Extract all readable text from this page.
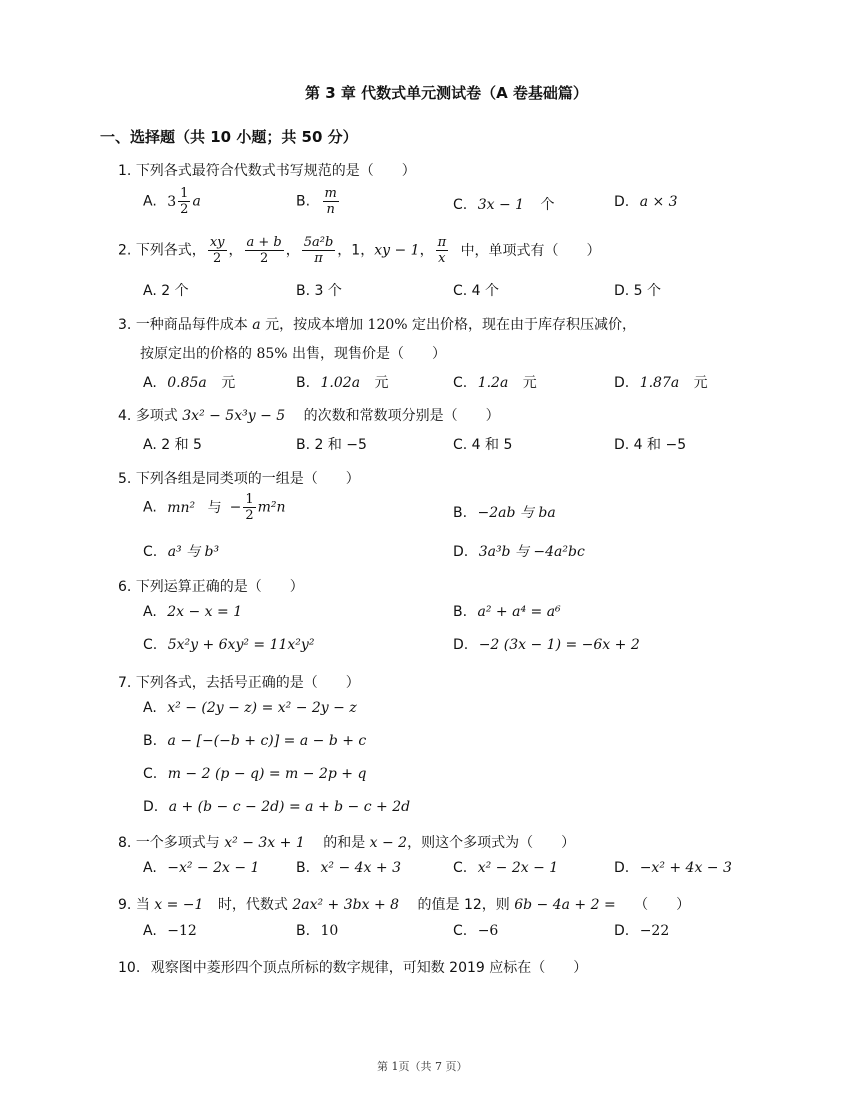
第 3 章 代数式单元测试卷（A 卷基础篇）
一、选择题（共 10 小题；共 50 分）
1. 下列各式最符合代数式书写规范的是（　　）
A. $3 \frac{1}{2}$ a	B. $\frac{m}{n}$	C. 3x − 1 个	D. a × 3
2. 下列各式， $\frac{xy}{2}$ ， $\frac{a + b}{2}$ ， $\frac{\text{5a²b}}{\pi}$ ，1，xy − 1， $\frac{\pi}{x}$ 中，单项式有（　　）
A. 2 个	B. 3 个	C. 4 个	D. 5 个
3. 一种商品每件成本 a 元，按成本增加 120% 定出价格，现在由于库存积压减价，
按原定出的价格的 85% 出售，现售价是（　　）
A. 0.85a 元	B. 1.02a 元	C. 1.2a 元	D. 1.87a 元
4. 多项式 3x² − 5x³y − 5 的次数和常数项分别是（　　）
A. 2 和 5	B. 2 和 −5	C. 4 和 5	D. 4 和 −5
5. 下列各组是同类项的一组是（　　）
A. mn² 与 − $\frac{1}{2} m^2n$	B. −2ab 与 ba
C. a³ 与 b³	D. 3a³b 与 −4a²bc
6. 下列运算正确的是（　　）
A. 2x − x = 1	B. a² + a⁴ = a⁶
C. 5x²y + 6xy² = 11x²y²	D. −2 (3x − 1) = −6x + 2
7. 下列各式，去括号正确的是（　　）
A. x² − (2y − z) = x² − 2y − z
B. a − [−(−b + c)] = a − b + c
C. m − 2 (p − q) = m − 2p + q
D. a + (b − c − 2d) = a + b − c + 2d
8. 一个多项式与 x² − 3x + 1 的和是 x − 2，则这个多项式为（　　）
A. −x² − 2x − 1	B. x² − 4x + 3	C. x² − 2x − 1	D. −x² + 4x − 3
9. 当 x = −1 时，代数式 2ax² + 3bx + 8 的值是 12，则 6b − 4a + 2 = （　　）
A. −12	B. 10	C. −6	D. −22
10. 观察图中菱形四个顶点所标的数字规律，可知数 2019 应标在（　　）
第 1页（共 7 页）
